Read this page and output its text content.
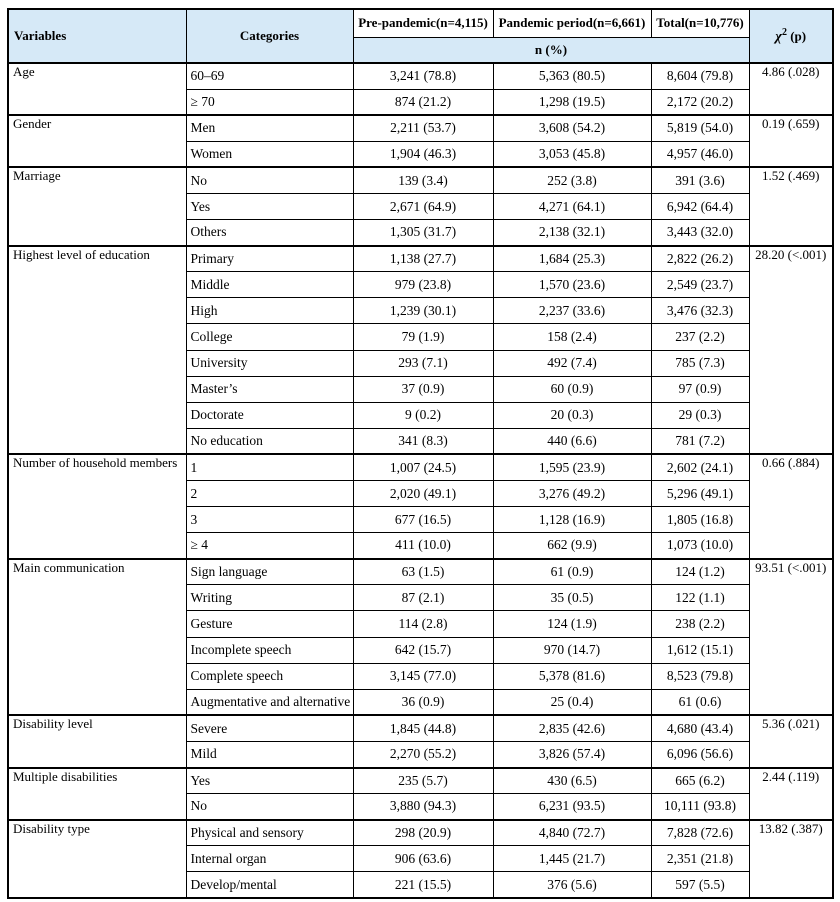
Variables	Categories	Pre-pandemic(n=4,115)	Pandemic period(n=6,661)	Total(n=10,776)	$\chi^2$ (p)
		n (%)			
Age	60–69	3,241 (78.8)	5,363 (80.5)	8,604 (79.8)	4.86 (.028)
	≥ 70	874 (21.2)	1,298 (19.5)	2,172 (20.2)	
Gender	Men	2,211 (53.7)	3,608 (54.2)	5,819 (54.0)	0.19 (.659)
	Women	1,904 (46.3)	3,053 (45.8)	4,957 (46.0)	
Marriage	No	139 (3.4)	252 (3.8)	391 (3.6)	1.52 (.469)
	Yes	2,671 (64.9)	4,271 (64.1)	6,942 (64.4)	
	Others	1,305 (31.7)	2,138 (32.1)	3,443 (32.0)	
Highest level of education	Primary	1,138 (27.7)	1,684 (25.3)	2,822 (26.2)	28.20 (<.001)
	Middle	979 (23.8)	1,570 (23.6)	2,549 (23.7)	
	High	1,239 (30.1)	2,237 (33.6)	3,476 (32.3)	
	College	79 (1.9)	158 (2.4)	237 (2.2)	
	University	293 (7.1)	492 (7.4)	785 (7.3)	
	Master’s	37 (0.9)	60 (0.9)	97 (0.9)	
	Doctorate	9 (0.2)	20 (0.3)	29 (0.3)	
	No education	341 (8.3)	440 (6.6)	781 (7.2)	
Number of household members	1	1,007 (24.5)	1,595 (23.9)	2,602 (24.1)	0.66 (.884)
	2	2,020 (49.1)	3,276 (49.2)	5,296 (49.1)	
	3	677 (16.5)	1,128 (16.9)	1,805 (16.8)	
	≥ 4	411 (10.0)	662 (9.9)	1,073 (10.0)	
Main communication	Sign language	63 (1.5)	61 (0.9)	124 (1.2)	93.51 (<.001)
	Writing	87 (2.1)	35 (0.5)	122 (1.1)	
	Gesture	114 (2.8)	124 (1.9)	238 (2.2)	
	Incomplete speech	642 (15.7)	970 (14.7)	1,612 (15.1)	
	Complete speech	3,145 (77.0)	5,378 (81.6)	8,523 (79.8)	
	Augmentative and alternative	36 (0.9)	25 (0.4)	61 (0.6)	
Disability level	Severe	1,845 (44.8)	2,835 (42.6)	4,680 (43.4)	5.36 (.021)
	Mild	2,270 (55.2)	3,826 (57.4)	6,096 (56.6)	
Multiple disabilities	Yes	235 (5.7)	430 (6.5)	665 (6.2)	2.44 (.119)
	No	3,880 (94.3)	6,231 (93.5)	10,111 (93.8)	
Disability type	Physical and sensory	298 (20.9)	4,840 (72.7)	7,828 (72.6)	13.82 (.387)
	Internal organ	906 (63.6)	1,445 (21.7)	2,351 (21.8)	
	Develop/mental	221 (15.5)	376 (5.6)	597 (5.5)	
